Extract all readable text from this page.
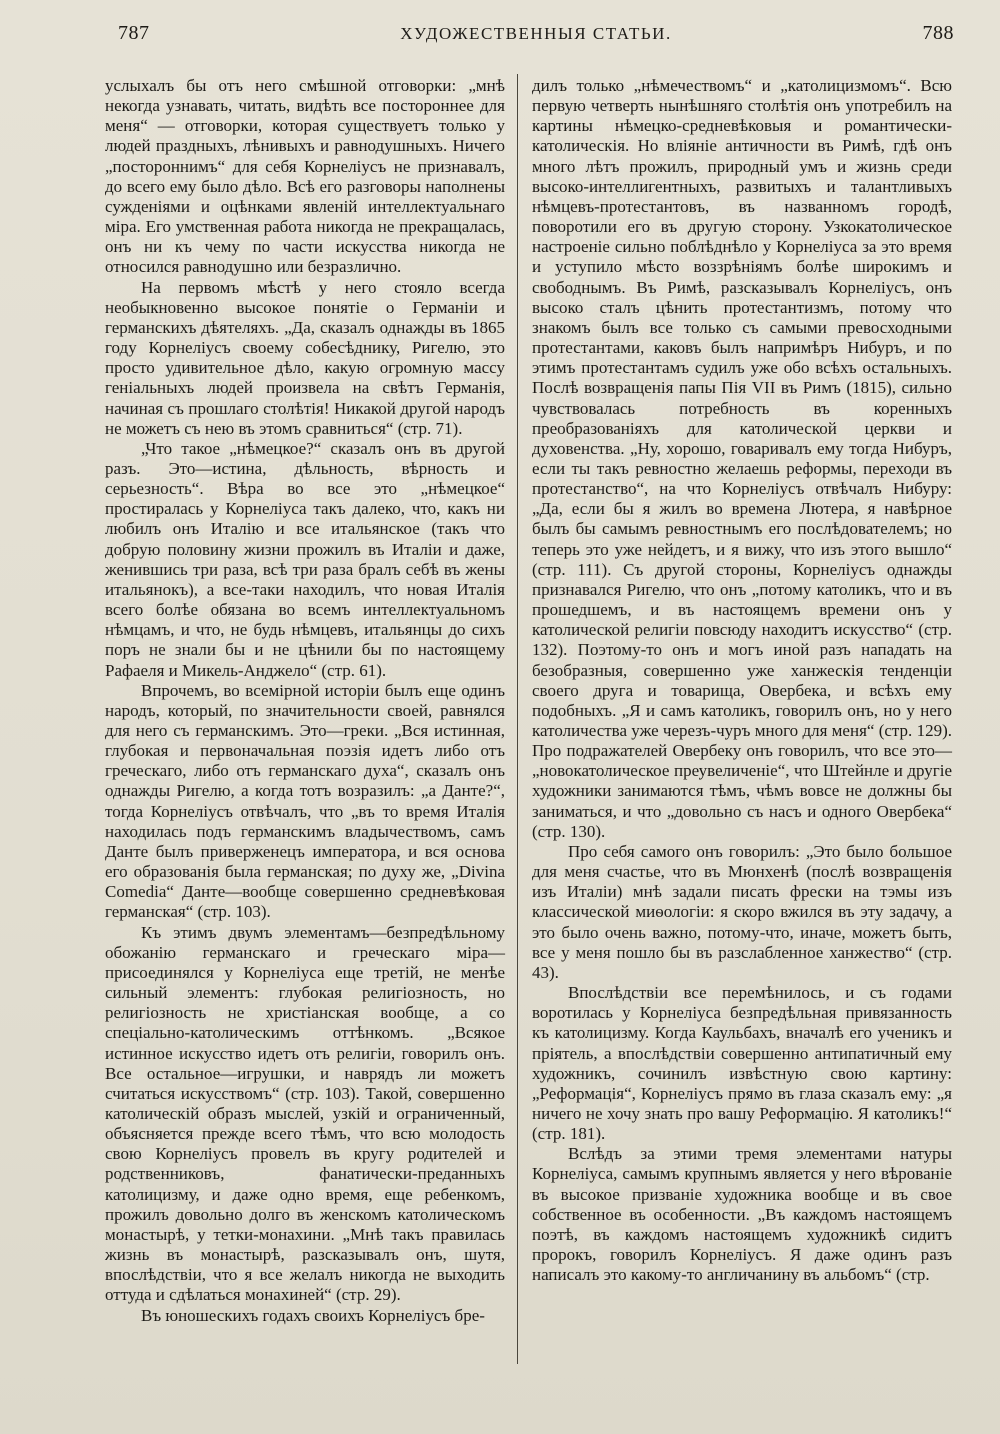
787	ХУДОЖЕСТВЕННЫЯ СТАТЬИ.	788

услыхалъ бы отъ него смѣшной отговорки: „мнѣ некогда узнавать, читать, видѣть все постороннее для меня“ — отговорки, которая существуетъ только у людей праздныхъ, лѣнивыхъ и равнодушныхъ. Ничего „постороннимъ“ для себя Корнеліусъ не признавалъ, до всего ему было дѣло. Всѣ его разговоры наполнены сужденіями и оцѣнками явленій интеллектуальнаго міра. Его умственная работа никогда не прекращалась, онъ ни къ чему по части искусства никогда не относился равнодушно или безразлично.

На первомъ мѣстѣ у него стояло всегда необыкновенно высокое понятіе о Германіи и германскихъ дѣятеляхъ. „Да, сказалъ однажды въ 1865 году Корнеліусъ своему собесѣднику, Ригелю, это просто удивительное дѣло, какую огромную массу геніальныхъ людей произвела на свѣтъ Германія, начиная съ прошлаго столѣтія! Никакой другой народъ не можетъ съ нею въ этомъ сравниться“ (стр. 71).

„Что такое „нѣмецкое?“ сказалъ онъ въ другой разъ. Это—истина, дѣльность, вѣрность и серьезность“. Вѣра во все это „нѣмецкое“ простиралась у Корнеліуса такъ далеко, что, какъ ни любилъ онъ Италію и все итальянское (такъ что добрую половину жизни прожилъ въ Италіи и даже, женившись три раза, всѣ три раза бралъ себѣ въ жены итальянокъ), а все-таки находилъ, что новая Италія всего болѣе обязана во всемъ интеллектуальномъ нѣмцамъ, и что, не будь нѣмцевъ, итальянцы до сихъ поръ не знали бы и не цѣнили бы по настоящему Рафаеля и Микель-Анджело“ (стр. 61).

Впрочемъ, во всемірной исторіи былъ еще одинъ народъ, который, по значительности своей, равнялся для него съ германскимъ. Это—греки. „Вся истинная, глубокая и первоначальная поэзія идетъ либо отъ греческаго, либо отъ германскаго духа“, сказалъ онъ однажды Ригелю, а когда тотъ возразилъ: „а Данте?“, тогда Корнеліусъ отвѣчалъ, что „въ то время Италія находилась подъ германскимъ владычествомъ, самъ Данте былъ приверженецъ императора, и вся основа его образованія была германская; по духу же, „Divina Comedia“ Данте—вообще совершенно средневѣковая германская“ (стр. 103).

Къ этимъ двумъ элементамъ—безпредѣльному обожанію германскаго и греческаго міра—присоединялся у Корнеліуса еще третій, не менѣе сильный элементъ: глубокая религіозность, но религіозность не христіанская вообще, а со спеціально-католическимъ оттѣнкомъ. „Всякое истинное искусство идетъ отъ религіи, говорилъ онъ. Все остальное—игрушки, и наврядъ ли можетъ считаться искусствомъ“ (стр. 103). Такой, совершенно католическій образъ мыслей, узкій и ограниченный, объясняется прежде всего тѣмъ, что всю молодость свою Корнеліусъ провелъ въ кругу родителей и родственниковъ, фанатически-преданныхъ католицизму, и даже одно время, еще ребенкомъ, прожилъ довольно долго въ женскомъ католическомъ монастырѣ, у тетки-монахини. „Мнѣ такъ правилась жизнь въ монастырѣ, разсказывалъ онъ, шутя, впослѣдствіи, что я все желалъ никогда не выходить оттуда и сдѣлаться монахиней“ (стр. 29).

Въ юношескихъ годахъ своихъ Корнеліусъ бре-

дилъ только „нѣмечествомъ“ и „католицизмомъ“. Всю первую четверть нынѣшняго столѣтія онъ употребилъ на картины нѣмецко-средневѣковыя и романтически-католическія. Но вліяніе античности въ Римѣ, гдѣ онъ много лѣтъ прожилъ, природный умъ и жизнь среди высоко-интеллигентныхъ, развитыхъ и талантливыхъ нѣмцевъ-протестантовъ, въ названномъ городѣ, поворотили его въ другую сторону. Узкокатолическое настроеніе сильно поблѣднѣло у Корнеліуса за это время и уступило мѣсто воззрѣніямъ болѣе широкимъ и свободнымъ. Въ Римѣ, разсказывалъ Корнеліусъ, онъ высоко сталъ цѣнить протестантизмъ, потому что знакомъ былъ все только съ самыми превосходными протестантами, каковъ былъ напримѣръ Нибуръ, и по этимъ протестантамъ судилъ уже обо всѣхъ остальныхъ. Послѣ возвращенія папы Пія VII въ Римъ (1815), сильно чувствовалась потребность въ коренныхъ преобразованіяхъ для католической церкви и духовенства. „Ну, хорошо, говаривалъ ему тогда Нибуръ, если ты такъ ревностно желаешь реформы, переходи въ протестанство“, на что Корнеліусъ отвѣчалъ Нибуру: „Да, если бы я жилъ во времена Лютера, я навѣрное былъ бы самымъ ревностнымъ его послѣдователемъ; но теперь это уже нейдетъ, и я вижу, что изъ этого вышло“ (стр. 111). Съ другой стороны, Корнеліусъ однажды признавался Ригелю, что онъ „потому католикъ, что и въ прошедшемъ, и въ настоящемъ времени онъ у католической религіи повсюду находитъ искусство“ (стр. 132). Поэтому-то онъ и могъ иной разъ нападать на безобразныя, совершенно уже ханжескія тенденціи своего друга и товарища, Овербека, и всѣхъ ему подобныхъ. „Я и самъ католикъ, говорилъ онъ, но у него католичества уже черезъ-чуръ много для меня“ (стр. 129). Про подражателей Овербеку онъ говорилъ, что все это—„новокатолическое преувеличеніе“, что Штейнле и другіе художники занимаются тѣмъ, чѣмъ вовсе не должны бы заниматься, и что „довольно съ насъ и одного Овербека“ (стр. 130).

Про себя самого онъ говорилъ: „Это было большое для меня счастье, что въ Мюнхенѣ (послѣ возвращенія изъ Италіи) мнѣ задали писать фрески на тэмы изъ классической миѳологіи: я скоро вжился въ эту задачу, а это было очень важно, потому-что, иначе, можетъ быть, все у меня пошло бы въ разслабленное ханжество“ (стр. 43).

Впослѣдствіи все перемѣнилось, и съ годами воротилась у Корнеліуса безпредѣльная привязанность къ католицизму. Когда Каульбахъ, вначалѣ его ученикъ и пріятель, а впослѣдствіи совершенно антипатичный ему художникъ, сочинилъ извѣстную свою картину: „Реформація“, Корнеліусъ прямо въ глаза сказалъ ему: „я ничего не хочу знать про вашу Реформацію. Я католикъ!“ (стр. 181).

Вслѣдъ за этими тремя элементами натуры Корнеліуса, самымъ крупнымъ является у него вѣрованіе въ высокое призваніе художника вообще и въ свое собственное въ особенности. „Въ каждомъ настоящемъ поэтѣ, въ каждомъ настоящемъ художникѣ сидитъ пророкъ, говорилъ Корнеліусъ. Я даже одинъ разъ написалъ это какому-то англичанину въ альбомъ“ (стр.
